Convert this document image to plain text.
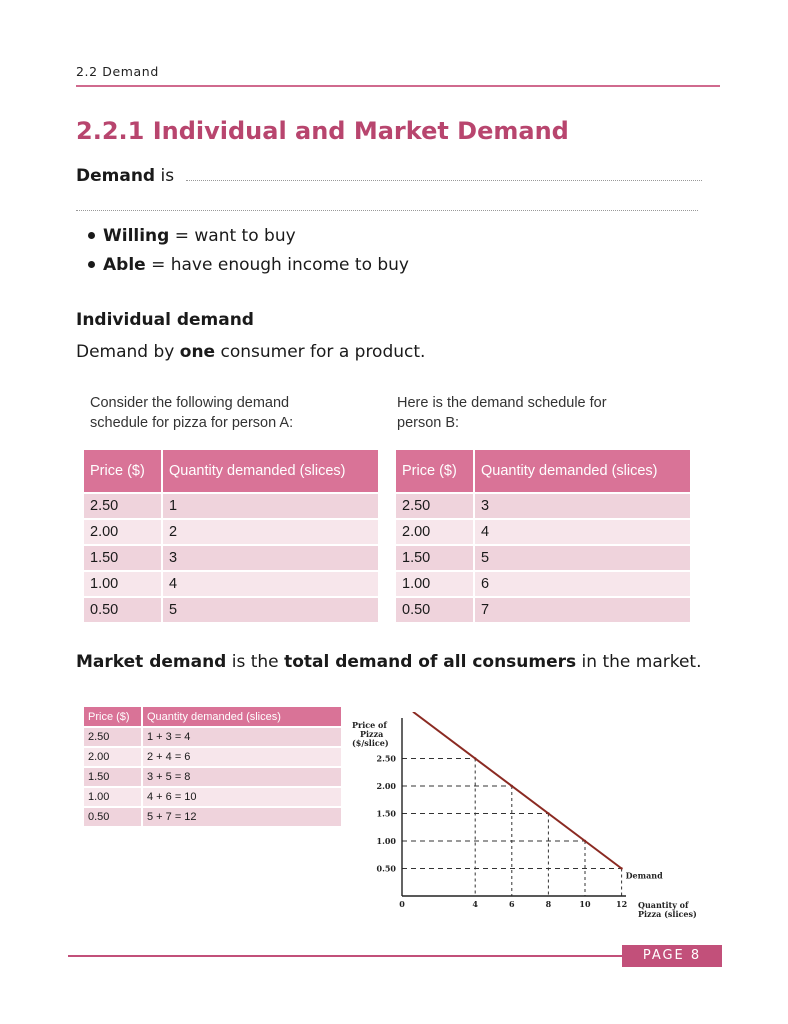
2.2 Demand
2.2.1 Individual and Market Demand
Demand is
Willing = want to buy
Able = have enough income to buy
Individual demand
Demand by one consumer for a product.
Consider the following demand
schedule for pizza for person A:
Price ($)	Quantity demanded (slices)
2.50	1
2.00	2
1.50	3
1.00	4
0.50	5
Here is the demand schedule for
person B:
Price ($)	Quantity demanded (slices)
2.50	3
2.00	4
1.50	5
1.00	6
0.50	7
Market demand is the total demand of all consumers in the market.
Price ($)	Quantity demanded (slices)
2.50	1 + 3 = 4
2.00	2 + 4 = 6
1.50	3 + 5 = 8
1.00	4 + 6 = 10
0.50	5 + 7 = 12
2.50
2.00
1.50
1.00
0.50
0	4	6	8	10	12
Demand
Price of
Pizza
($/slice)
Quantity of
Pizza (slices)
PAGE 8
